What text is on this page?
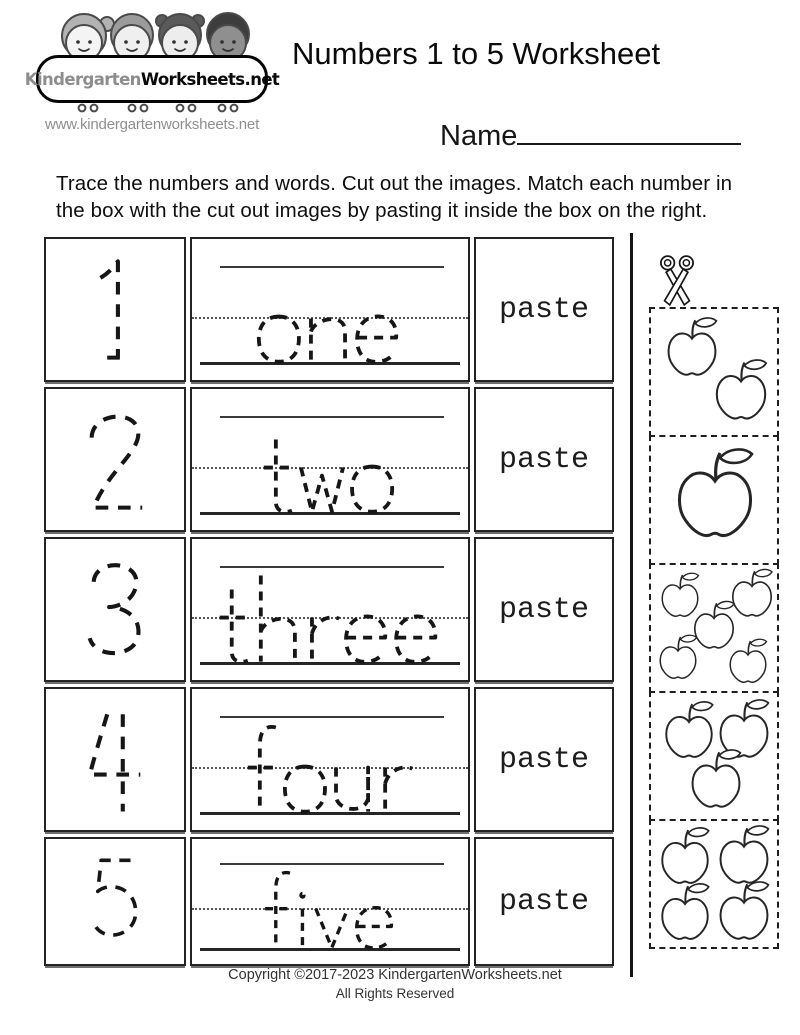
Kindergarten Worksheets.net
www.kindergartenworksheets.net
Numbers 1 to 5 Worksheet
Name

Trace the numbers and words. Cut out the images. Match each number in
the box with the cut out images by pasting it inside the box on the right.

paste
paste
paste
paste
paste
Copyright ©2017-2023 KindergartenWorksheets.net
All Rights Reserved
